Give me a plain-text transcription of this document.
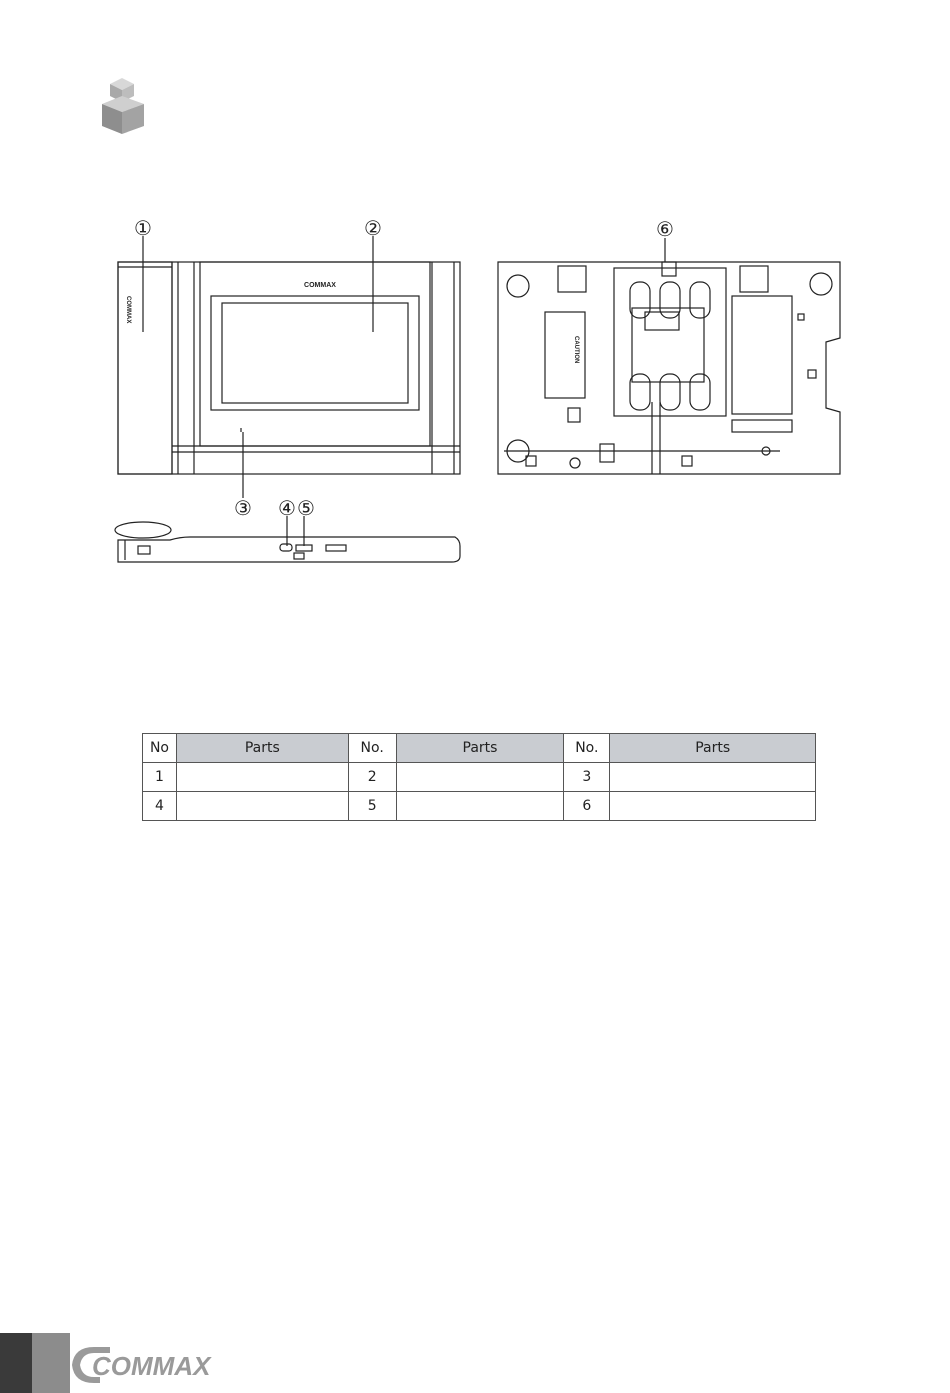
COMMAX
COMMAX
CAUTION
①	②
③ ④ ⑤
⑥
No	Parts	No.	Parts	No.	Parts
1		2		3	
4		5		6	
COMMAX
